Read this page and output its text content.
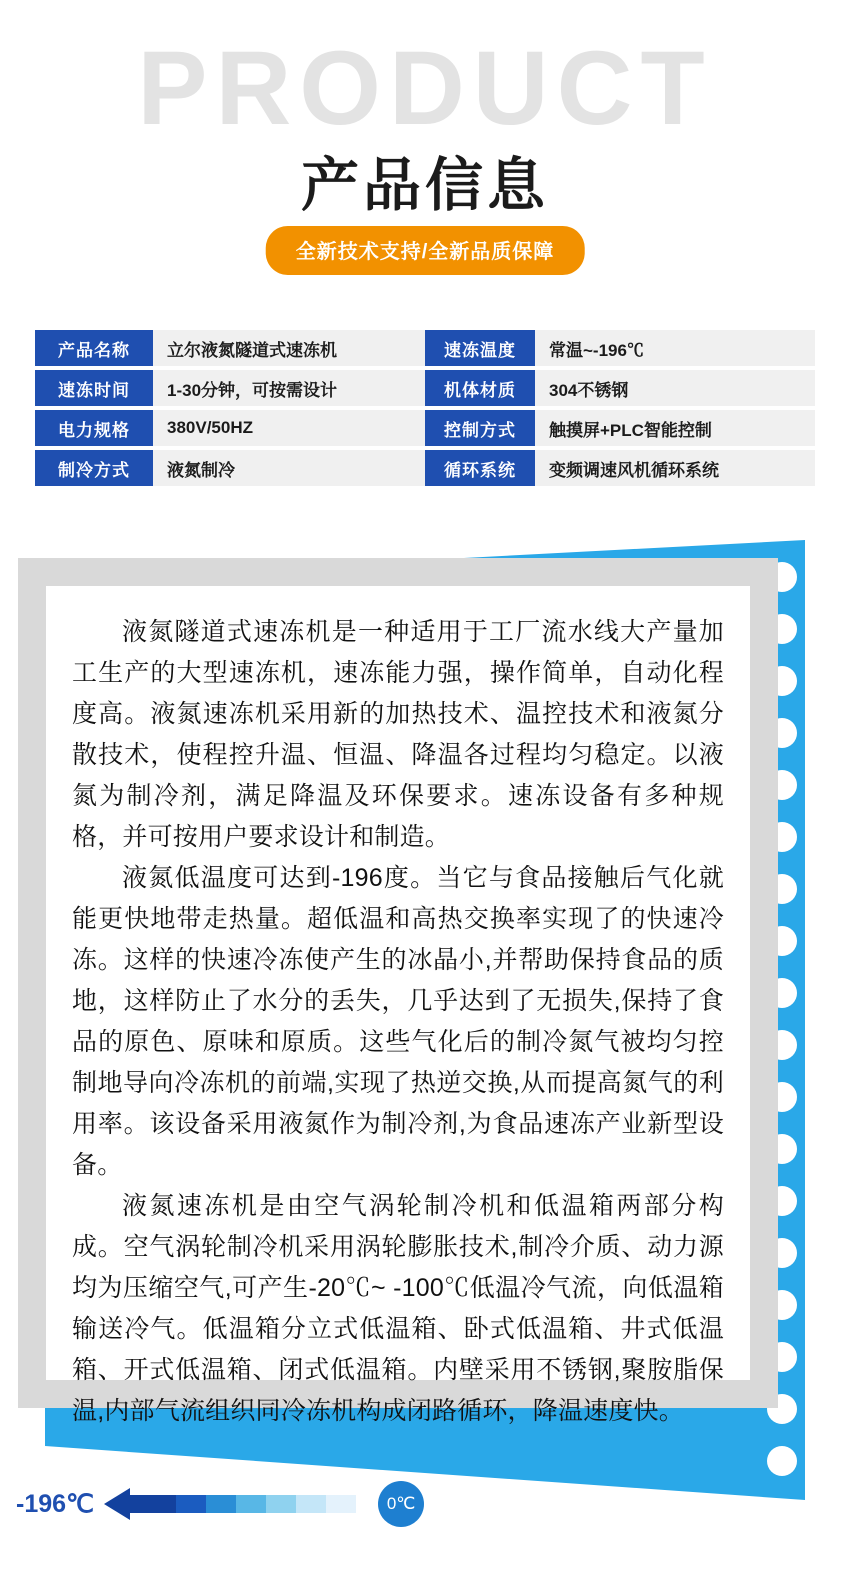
PRODUCT
产品信息
全新技术支持/全新品质保障
产品名称	立尔液氮隧道式速冻机	速冻温度	常温~-196℃
速冻时间	1-30分钟，可按需设计	机体材质	304不锈钢
电力规格	380V/50HZ	控制方式	触摸屏+PLC智能控制
制冷方式	液氮制冷	循环系统	变频调速风机循环系统

液氮隧道式速冻机是一种适用于工厂流水线大产量加工生产的大型速冻机，速冻能力强，操作简单，自动化程度高。液氮速冻机采用新的加热技术、温控技术和液氮分散技术，使程控升温、恒温、降温各过程均匀稳定。以液氮为制冷剂，满足降温及环保要求。速冻设备有多种规格，并可按用户要求设计和制造。

液氮低温度可达到-196度。当它与食品接触后气化就能更快地带走热量。超低温和高热交换率实现了的快速冷冻。这样的快速冷冻使产生的冰晶小,并帮助保持食品的质地，这样防止了水分的丢失，几乎达到了无损失,保持了食品的原色、原味和原质。这些气化后的制冷氮气被均匀控制地导向冷冻机的前端,实现了热逆交换,从而提高氮气的利用率。该设备采用液氮作为制冷剂,为食品速冻产业新型设备。

液氮速冻机是由空气涡轮制冷机和低温箱两部分构成。空气涡轮制冷机采用涡轮膨胀技术,制冷介质、动力源均为压缩空气,可产生-20℃~ -100℃低温冷气流，向低温箱输送冷气。低温箱分立式低温箱、卧式低温箱、井式低温箱、开式低温箱、闭式低温箱。内壁采用不锈钢,聚胺脂保温,内部气流组织同冷冻机构成闭路循环，降温速度快。

-196℃	0℃
